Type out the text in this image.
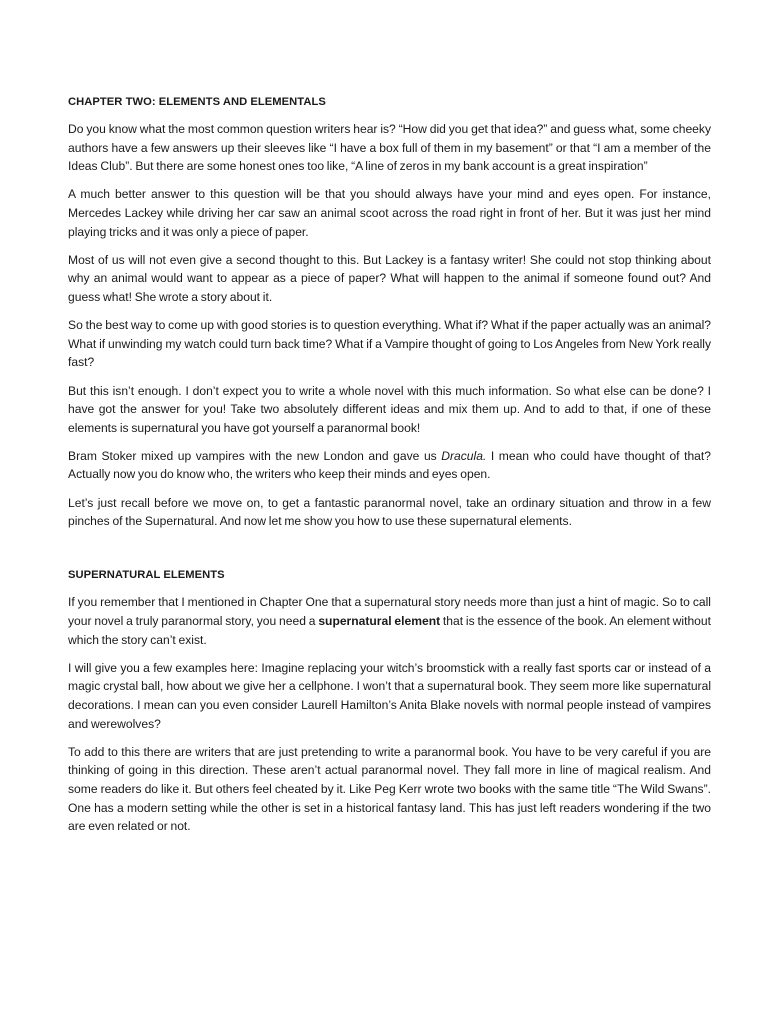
CHAPTER TWO: ELEMENTS AND ELEMENTALS

Do you know what the most common question writers hear is? “How did you get that idea?” and guess what, some cheeky authors have a few answers up their sleeves like “I have a box full of them in my basement” or that “I am a member of the Ideas Club”. But there are some honest ones too like, “A line of zeros in my bank account is a great inspiration”

A much better answer to this question will be that you should always have your mind and eyes open. For instance, Mercedes Lackey while driving her car saw an animal scoot across the road right in front of her. But it was just her mind playing tricks and it was only a piece of paper.

Most of us will not even give a second thought to this. But Lackey is a fantasy writer! She could not stop thinking about why an animal would want to appear as a piece of paper? What will happen to the animal if someone found out? And guess what! She wrote a story about it.

So the best way to come up with good stories is to question everything. What if? What if the paper actually was an animal? What if unwinding my watch could turn back time? What if a Vampire thought of going to Los Angeles from New York really fast?

But this isn’t enough. I don’t expect you to write a whole novel with this much information. So what else can be done? I have got the answer for you! Take two absolutely different ideas and mix them up. And to add to that, if one of these elements is supernatural you have got yourself a paranormal book!

Bram Stoker mixed up vampires with the new London and gave us Dracula. I mean who could have thought of that? Actually now you do know who, the writers who keep their minds and eyes open.

Let’s just recall before we move on, to get a fantastic paranormal novel, take an ordinary situation and throw in a few pinches of the Supernatural. And now let me show you how to use these supernatural elements.

SUPERNATURAL ELEMENTS

If you remember that I mentioned in Chapter One that a supernatural story needs more than just a hint of magic. So to call your novel a truly paranormal story, you need a supernatural element that is the essence of the book. An element without which the story can’t exist.

I will give you a few examples here: Imagine replacing your witch’s broomstick with a really fast sports car or instead of a magic crystal ball, how about we give her a cellphone. I won’t that a supernatural book. They seem more like supernatural decorations. I mean can you even consider Laurell Hamilton’s Anita Blake novels with normal people instead of vampires and werewolves?

To add to this there are writers that are just pretending to write a paranormal book. You have to be very careful if you are thinking of going in this direction. These aren’t actual paranormal novel. They fall more in line of magical realism. And some readers do like it. But others feel cheated by it. Like Peg Kerr wrote two books with the same title “The Wild Swans”. One has a modern setting while the other is set in a historical fantasy land. This has just left readers wondering if the two are even related or not.
